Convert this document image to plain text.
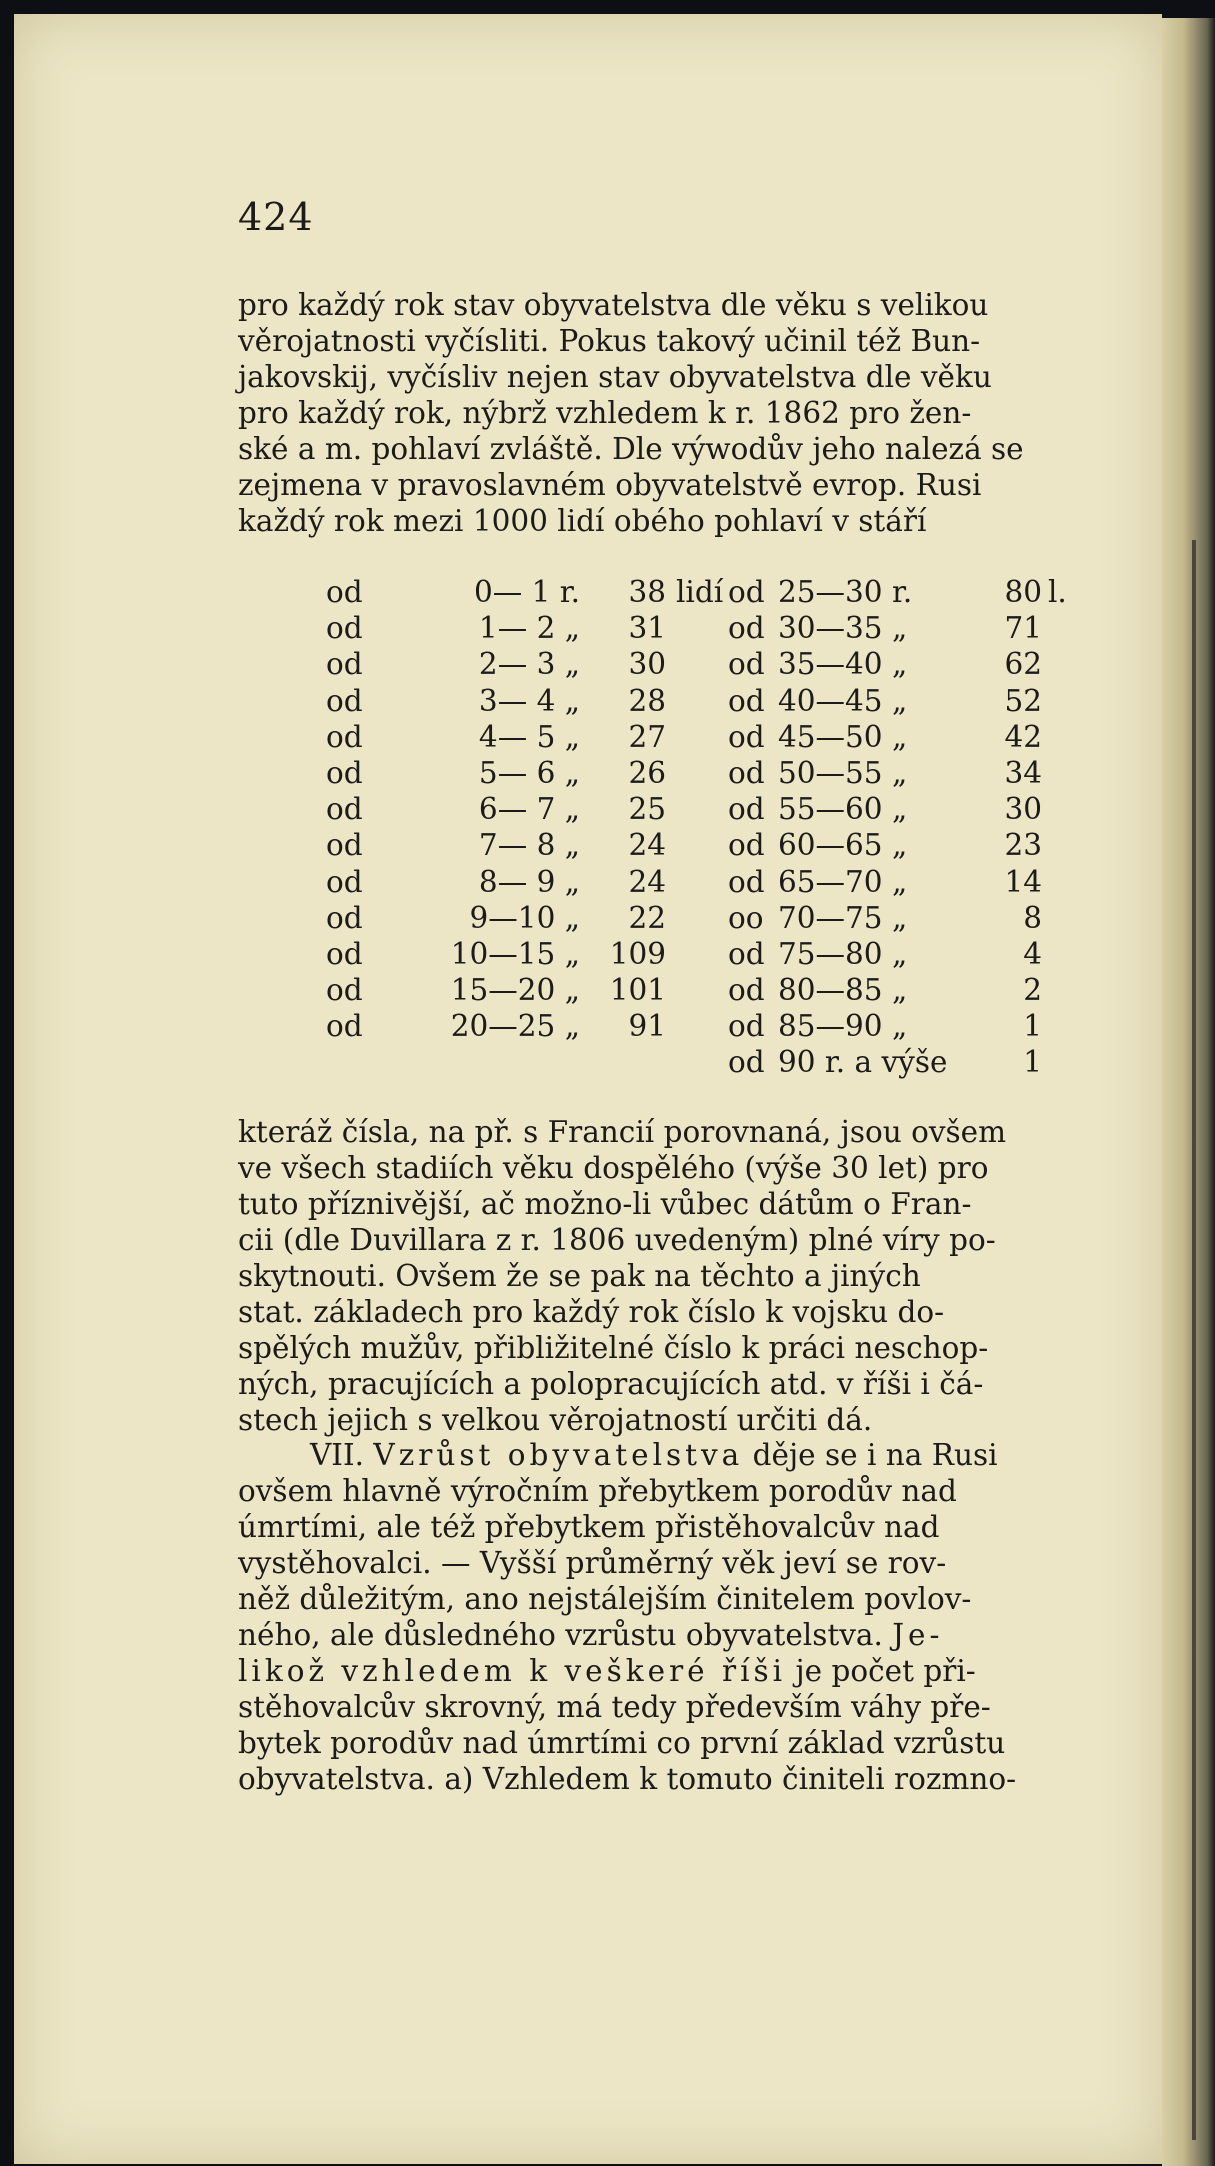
424
pro každý rok stav obyvatelstva dle věku s velikou
věrojatnosti vyčísliti. Pokus takový učinil též Bun-
jakovskij, vyčísliv nejen stav obyvatelstva dle věku
pro každý rok, nýbrž vzhledem k r. 1862 pro žen-
ské a m. pohlaví zvláště. Dle výwodův jeho nalezá se
zejmena v pravoslavném obyvatelstvě evrop. Rusi
každý rok mezi 1000 lidí obého pohlaví v stáří
od	0— 1 r.	38 lidí od 25—30 r.	80 l.
od	1— 2 „	31 od 30—35 „	71
od	2— 3 „	30 od 35—40 „	62
od	3— 4 „	28 od 40—45 „	52
od	4— 5 „	27 od 45—50 „	42
od	5— 6 „	26 od 50—55 „	34
od	6— 7 „	25 od 55—60 „	30
od	7— 8 „	24 od 60—65 „	23
od	8— 9 „	24 od 65—70 „	14
od	9—10 „	22 oo 70—75 „	8
od	10—15 „	109 od 75—80 „	4
od	15—20 „	101 od 80—85 „	2
od	20—25 „	91 od 85—90 „	1
od 90 r. a výše	1
kteráž čísla, na př. s Francií porovnaná, jsou ovšem
ve všech stadiích věku dospělého (výše 30 let) pro
tuto příznivější, ač možno-li vůbec dátům o Fran-
cii (dle Duvillara z r. 1806 uvedeným) plné víry po-
skytnouti. Ovšem že se pak na těchto a jiných
stat. základech pro každý rok číslo k vojsku do-
spělých mužův, přibližitelné číslo k práci neschop-
ných, pracujících a polopracujících atd. v říši i čá-
stech jejich s velkou věrojatností určiti dá.
VII. Vzrůst obyvatelstva děje se i na Rusi
ovšem hlavně výročním přebytkem porodův nad
úmrtími, ale též přebytkem přistěhovalcův nad
vystěhovalci. — Vyšší průměrný věk jeví se rov-
něž důležitým, ano nejstálejším činitelem povlov-
ného, ale důsledného vzrůstu obyvatelstva. Je-
likož vzhledem k veškeré říši je počet při-
stěhovalcův skrovný, má tedy především váhy pře-
bytek porodův nad úmrtími co první základ vzrůstu
obyvatelstva. a) Vzhledem k tomuto činiteli rozmno-
